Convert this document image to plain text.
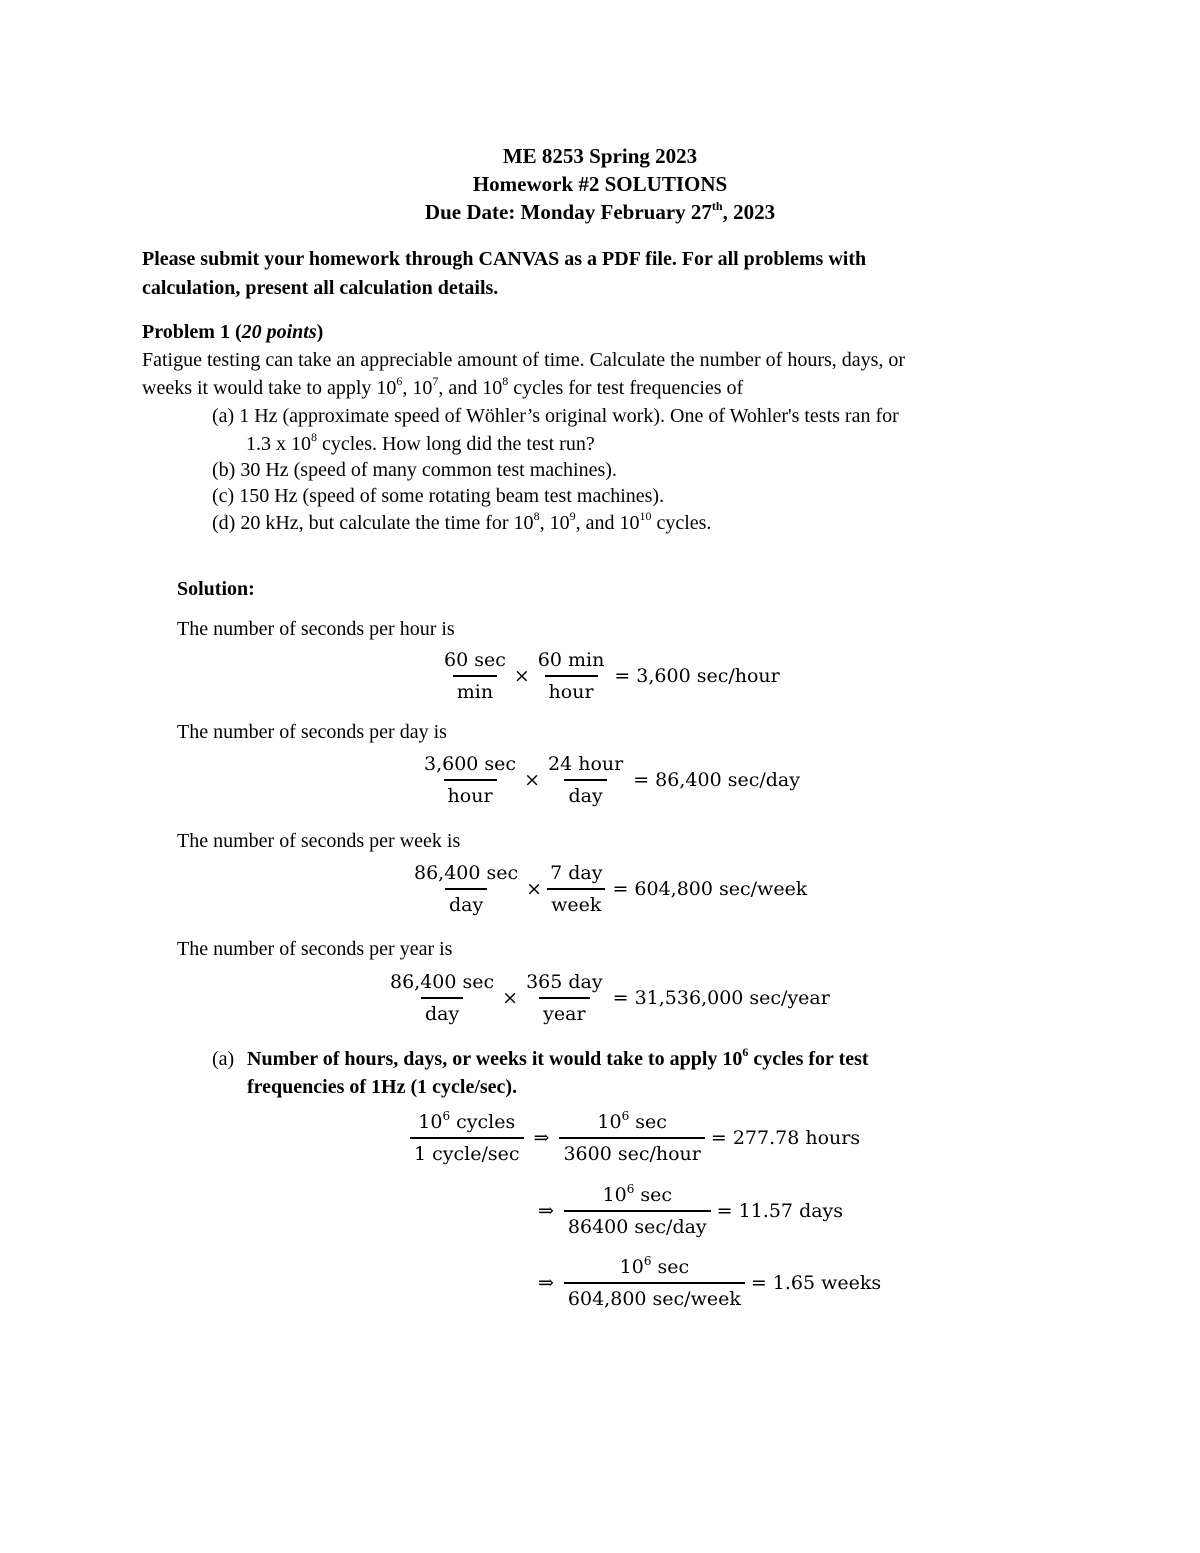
ME 8253 Spring 2023
Homework #2 SOLUTIONS
Due Date: Monday February 27th, 2023
Please submit your homework through CANVAS as a PDF file. For all problems with
calculation, present all calculation details.
Problem 1 (20 points)
Fatigue testing can take an appreciable amount of time. Calculate the number of hours, days, or
weeks it would take to apply $10^6$, $10^7$, and $10^8$ cycles for test frequencies of
(a) 1 Hz (approximate speed of Wöhler’s original work). One of Wohler's tests ran for
1.3 x $10^8$ cycles. How long did the test run?
(b) 30 Hz (speed of many common test machines).
(c) 150 Hz (speed of some rotating beam test machines).
(d) 20 kHz, but calculate the time for $10^8$, $10^9$, and $10^{10}$ cycles.
Solution:
The number of seconds per hour is
$\frac{60 \sec}{\min} \times \frac{60 \min}{\text{hour}} = 3,600$ sec/hour
The number of seconds per day is
$\frac{3,600 \sec}{\text{hour}} \times \frac{\text{24 hour}}{\text{day}} = 86,400$ sec/day
The number of seconds per week is
$\frac{86,400 \sec}{\text{day}} \times \frac{\text{7 day}}{\text{week}} = 604,800$ sec/week
The number of seconds per year is
$\frac{86,400 \sec}{\text{day}} \times \frac{\text{365 day}}{\text{year}} = 31,536,000$ sec/year
(a) Number of hours, days, or weeks it would take to apply $10^6$ cycles for test
frequencies of 1Hz (1 cycle/sec).
$\frac{10^6 cycles}{\text{1 cycle/sec}}$ ⇒ $\frac{10^6 \sec}{\text{3600 sec/hour}} = 277.78$ hours
⇒ $\frac{10^6 \sec}{\text{86400 sec/day}} = 11.57$ days
⇒ $\frac{10^6 \sec}{\text{604,800 sec/week}} = 1.65$ weeks
